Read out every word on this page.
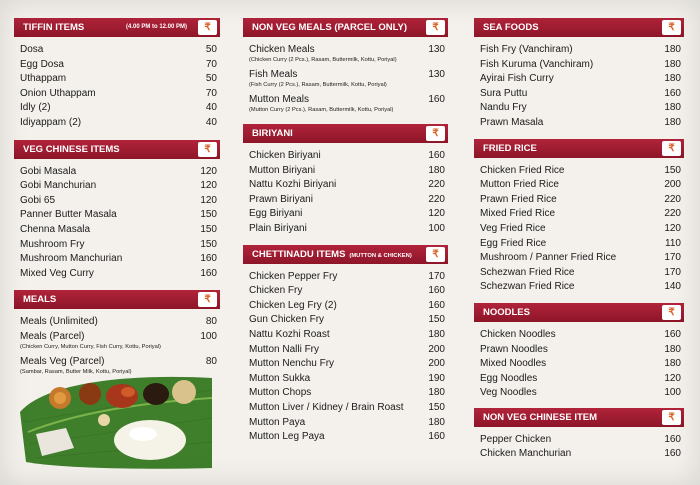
TIFFIN ITEMS	(4.00 PM to 12.00 PM)	₹
Dosa	50
Egg Dosa	70
Uthappam	50
Onion Uthappam	70
Idly (2)	40
Idiyappam (2)	40
VEG CHINESE ITEMS	₹
Gobi Masala	120
Gobi Manchurian	120
Gobi 65	120
Panner Butter Masala	150
Chenna Masala	150
Mushroom Fry	150
Mushroom Manchurian	160
Mixed Veg Curry	160
MEALS	₹
Meals (Unlimited)	80
Meals (Parcel)	100
(Chicken Curry, Mutton Curry, Fish Curry, Kottu, Poriyal)
Meals Veg (Parcel)	80
(Sambar, Rasam, Butter Milk, Kottu, Poriyal)
NON VEG MEALS (PARCEL ONLY)	₹
Chicken Meals	130
(Chicken Curry (2 Pcs.), Rasam, Buttermilk, Kottu, Poriyal)
Fish Meals	130
(Fish Curry (2 Pcs.), Rasam, Buttermilk, Kottu, Poriyal)
Mutton Meals	160
(Mutton Curry (2 Pcs.), Rasam, Buttermilk, Kottu, Poriyal)
BIRIYANI	₹
Chicken Biriyani	160
Mutton Biriyani	180
Nattu Kozhi Biriyani	220
Prawn Biriyani	220
Egg Biriyani	120
Plain Biriyani	100
CHETTINADU ITEMS (MUTTON & CHICKEN)	₹
Chicken Pepper Fry	170
Chicken Fry	160
Chicken Leg Fry (2)	160
Gun Chicken Fry	150
Nattu Kozhi Roast	180
Mutton Nalli Fry	200
Mutton Nenchu Fry	200
Mutton Sukka	190
Mutton Chops	180
Mutton Liver / Kidney / Brain Roast 150
Mutton Paya	180
Mutton Leg Paya	160
SEA FOODS	₹
Fish Fry (Vanchiram)	180
Fish Kuruma (Vanchiram)	180
Ayirai Fish Curry	180
Sura Puttu	160
Nandu Fry	180
Prawn Masala	180
FRIED RICE	₹
Chicken Fried Rice	150
Mutton Fried Rice	200
Prawn Fried Rice	220
Mixed Fried Rice	220
Veg Fried Rice	120
Egg Fried Rice	110
Mushroom / Panner Fried Rice	170
Schezwan Fried Rice	170
Schezwan Fried Rice	140
NOODLES	₹
Chicken Noodles	160
Prawn Noodles	180
Mixed Noodles	180
Egg Noodles	120
Veg Noodles	100
NON VEG CHINESE ITEM	₹
Pepper Chicken	160
Chicken Manchurian	160
